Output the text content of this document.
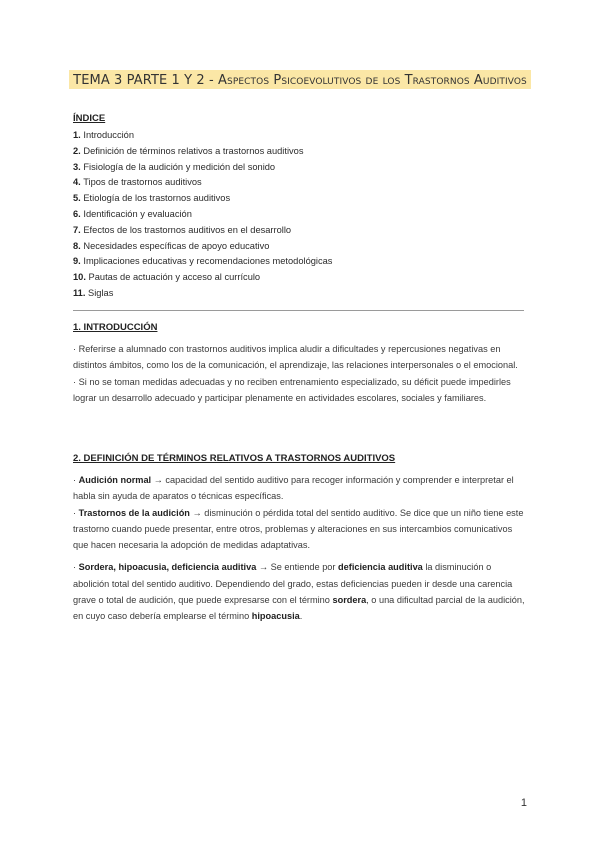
TEMA 3 PARTE 1 Y 2 - Aspectos Psicoevolutivos de los Trastornos Auditivos
ÍNDICE
1. Introducción
2. Definición de términos relativos a trastornos auditivos
3. Fisiología de la audición y medición del sonido
4. Tipos de trastornos auditivos
5. Etiología de los trastornos auditivos
6. Identificación y evaluación
7. Efectos de los trastornos auditivos en el desarrollo
8. Necesidades específicas de apoyo educativo
9. Implicaciones educativas y recomendaciones metodológicas
10. Pautas de actuación y acceso al currículo
11. Siglas
1. INTRODUCCIÓN

· Referirse a alumnado con trastornos auditivos implica aludir a dificultades y repercusiones negativas en distintos ámbitos, como los de la comunicación, el aprendizaje, las relaciones interpersonales o el emocional.

· Si no se toman medidas adecuadas y no reciben entrenamiento especializado, su déficit puede impedirles lograr un desarrollo adecuado y participar plenamente en actividades escolares, sociales y familiares.

2. DEFINICIÓN DE TÉRMINOS RELATIVOS A TRASTORNOS AUDITIVOS

· Audición normal → capacidad del sentido auditivo para recoger información y comprender e interpretar el habla sin ayuda de aparatos o técnicas específicas.

· Trastornos de la audición → disminución o pérdida total del sentido auditivo. Se dice que un niño tiene este trastorno cuando puede presentar, entre otros, problemas y alteraciones en sus intercambios comunicativos que hacen necesaria la adopción de medidas adaptativas.

· Sordera, hipoacusia, deficiencia auditiva → Se entiende por deficiencia auditiva la disminución o abolición total del sentido auditivo. Dependiendo del grado, estas deficiencias pueden ir desde una carencia grave o total de audición, que puede expresarse con el término sordera, o una dificultad parcial de la audición, en cuyo caso debería emplearse el término hipoacusia.

1
